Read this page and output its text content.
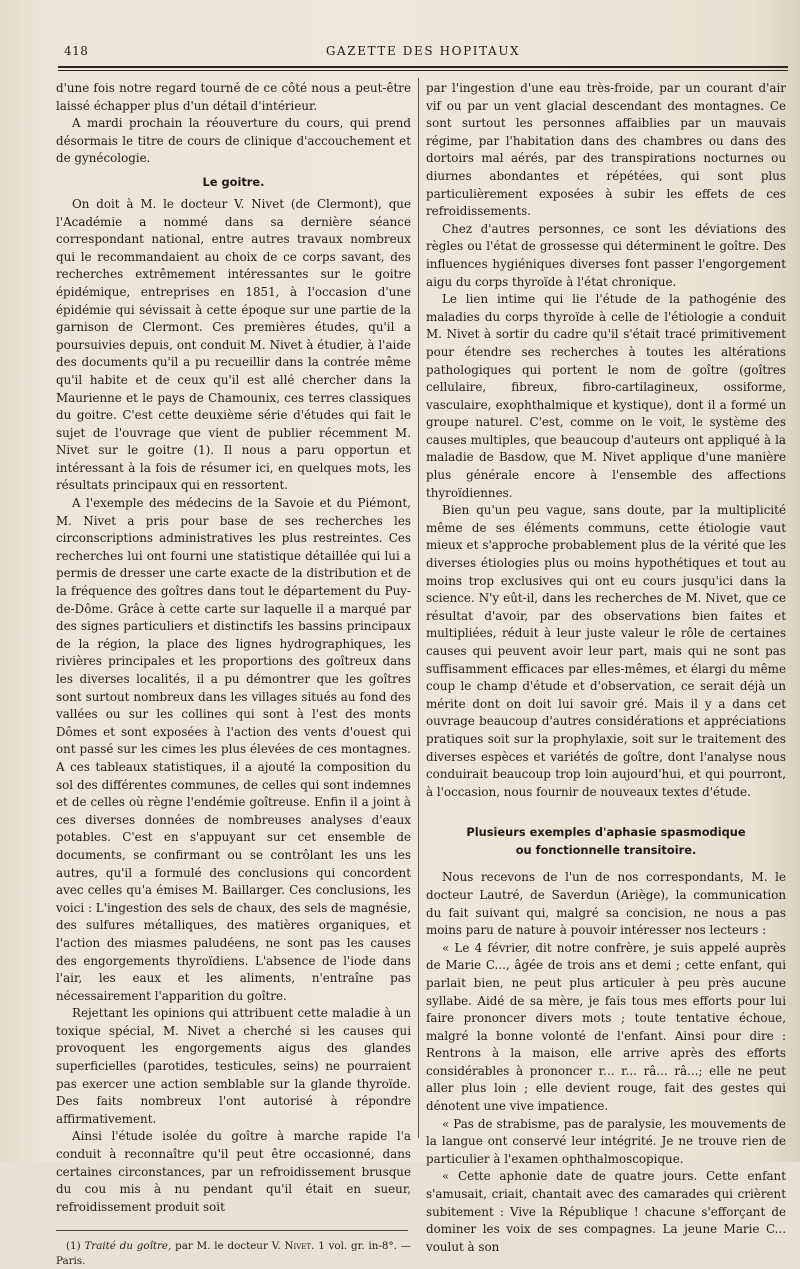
418	GAZETTE DES HOPITAUX

d'une fois notre regard tourné de ce côté nous a peut-être laissé échapper plus d'un détail d'intérieur.

A mardi prochain la réouverture du cours, qui prend désormais le titre de cours de clinique d'accouchement et de gynécologie.

Le goitre.

On doit à M. le docteur V. Nivet (de Clermont), que l'Académie a nommé dans sa dernière séance correspondant national, entre autres travaux nombreux qui le recommandaient au choix de ce corps savant, des recherches extrêmement intéressantes sur le goitre épidémique, entreprises en 1851, à l'occasion d'une épidémie qui sévissait à cette époque sur une partie de la garnison de Clermont. Ces premières études, qu'il a poursuivies depuis, ont conduit M. Nivet à étudier, à l'aide des documents qu'il a pu recueillir dans la contrée même qu'il habite et de ceux qu'il est allé chercher dans la Maurienne et le pays de Chamounix, ces terres classiques du goitre. C'est cette deuxième série d'études qui fait le sujet de l'ouvrage que vient de publier récemment M. Nivet sur le goitre (1). Il nous a paru opportun et intéressant à la fois de résumer ici, en quelques mots, les résultats principaux qui en ressortent.

A l'exemple des médecins de la Savoie et du Piémont, M. Nivet a pris pour base de ses recherches les circonscriptions administratives les plus restreintes. Ces recherches lui ont fourni une statistique détaillée qui lui a permis de dresser une carte exacte de la distribution et de la fréquence des goîtres dans tout le département du Puy-de-Dôme. Grâce à cette carte sur laquelle il a marqué par des signes particuliers et distinctifs les bassins principaux de la région, la place des lignes hydrographiques, les rivières principales et les proportions des goîtreux dans les diverses localités, il a pu démontrer que les goîtres sont surtout nombreux dans les villages situés au fond des vallées ou sur les collines qui sont à l'est des monts Dômes et sont exposées à l'action des vents d'ouest qui ont passé sur les cimes les plus élevées de ces montagnes. A ces tableaux statistiques, il a ajouté la composition du sol des différentes communes, de celles qui sont indemnes et de celles où règne l'endémie goîtreuse. Enfin il a joint à ces diverses données de nombreuses analyses d'eaux potables. C'est en s'appuyant sur cet ensemble de documents, se confirmant ou se contrôlant les uns les autres, qu'il a formulé des conclusions qui concordent avec celles qu'a émises M. Baillarger. Ces conclusions, les voici : L'ingestion des sels de chaux, des sels de magnésie, des sulfures métalliques, des matières organiques, et l'action des miasmes paludéens, ne sont pas les causes des engorgements thyroïdiens. L'absence de l'iode dans l'air, les eaux et les aliments, n'entraîne pas nécessairement l'apparition du goître.

Rejettant les opinions qui attribuent cette maladie à un toxique spécial, M. Nivet a cherché si les causes qui provoquent les engorgements aigus des glandes superficielles (parotides, testicules, seins) ne pourraient pas exercer une action semblable sur la glande thyroïde. Des faits nombreux l'ont autorisé à répondre affirmativement.

Ainsi l'étude isolée du goître à marche rapide l'a conduit à reconnaître qu'il peut être occasionné, dans certaines circonstances, par un refroidissement brusque du cou mis à nu pendant qu'il était en sueur, refroidissement produit soit

(1) Traité du goître, par M. le docteur V. Nivet. 1 vol. gr. in-8°. — Paris.

par l'ingestion d'une eau très-froide, par un courant d'air vif ou par un vent glacial descendant des montagnes. Ce sont surtout les personnes affaiblies par un mauvais régime, par l'habitation dans des chambres ou dans des dortoirs mal aérés, par des transpirations nocturnes ou diurnes abondantes et répétées, qui sont plus particulièrement exposées à subir les effets de ces refroidissements.

Chez d'autres personnes, ce sont les déviations des règles ou l'état de grossesse qui déterminent le goître. Des influences hygiéniques diverses font passer l'engorgement aigu du corps thyroïde à l'état chronique.

Le lien intime qui lie l'étude de la pathogénie des maladies du corps thyroïde à celle de l'étiologie a conduit M. Nivet à sortir du cadre qu'il s'était tracé primitivement pour étendre ses recherches à toutes les altérations pathologiques qui portent le nom de goître (goîtres cellulaire, fibreux, fibro-cartilagineux, ossiforme, vasculaire, exophthalmique et kystique), dont il a formé un groupe naturel. C'est, comme on le voit, le système des causes multiples, que beaucoup d'auteurs ont appliqué à la maladie de Basdow, que M. Nivet applique d'une manière plus générale encore à l'ensemble des affections thyroïdiennes.

Bien qu'un peu vague, sans doute, par la multiplicité même de ses éléments communs, cette étiologie vaut mieux et s'approche probablement plus de la vérité que les diverses étiologies plus ou moins hypothétiques et tout au moins trop exclusives qui ont eu cours jusqu'ici dans la science. N'y eût-il, dans les recherches de M. Nivet, que ce résultat d'avoir, par des observations bien faites et multipliées, réduit à leur juste valeur le rôle de certaines causes qui peuvent avoir leur part, mais qui ne sont pas suffisamment efficaces par elles-mêmes, et élargi du même coup le champ d'étude et d'observation, ce serait déjà un mérite dont on doit lui savoir gré. Mais il y a dans cet ouvrage beaucoup d'autres considérations et appréciations pratiques soit sur la prophylaxie, soit sur le traitement des diverses espèces et variétés de goître, dont l'analyse nous conduirait beaucoup trop loin aujourd'hui, et qui pourront, à l'occasion, nous fournir de nouveaux textes d'étude.

Plusieurs exemples d'aphasie spasmodique
ou fonctionnelle transitoire.

Nous recevons de l'un de nos correspondants, M. le docteur Lautré, de Saverdun (Ariège), la communication du fait suivant qui, malgré sa concision, ne nous a pas moins paru de nature à pouvoir intéresser nos lecteurs :

« Le 4 février, dit notre confrère, je suis appelé auprès de Marie C..., âgée de trois ans et demi ; cette enfant, qui parlait bien, ne peut plus articuler à peu près aucune syllabe. Aidé de sa mère, je fais tous mes efforts pour lui faire prononcer divers mots ; toute tentative échoue, malgré la bonne volonté de l'enfant. Ainsi pour dire : Rentrons à la maison, elle arrive après des efforts considérables à prononcer r... r... râ... râ...; elle ne peut aller plus loin ; elle devient rouge, fait des gestes qui dénotent une vive impatience.

« Pas de strabisme, pas de paralysie, les mouvements de la langue ont conservé leur intégrité. Je ne trouve rien de particulier à l'examen ophthalmoscopique.

« Cette aphonie date de quatre jours. Cette enfant s'amusait, criait, chantait avec des camarades qui crièrent subitement : Vive la République ! chacune s'efforçant de dominer les voix de ses compagnes. La jeune Marie C... voulut à son
